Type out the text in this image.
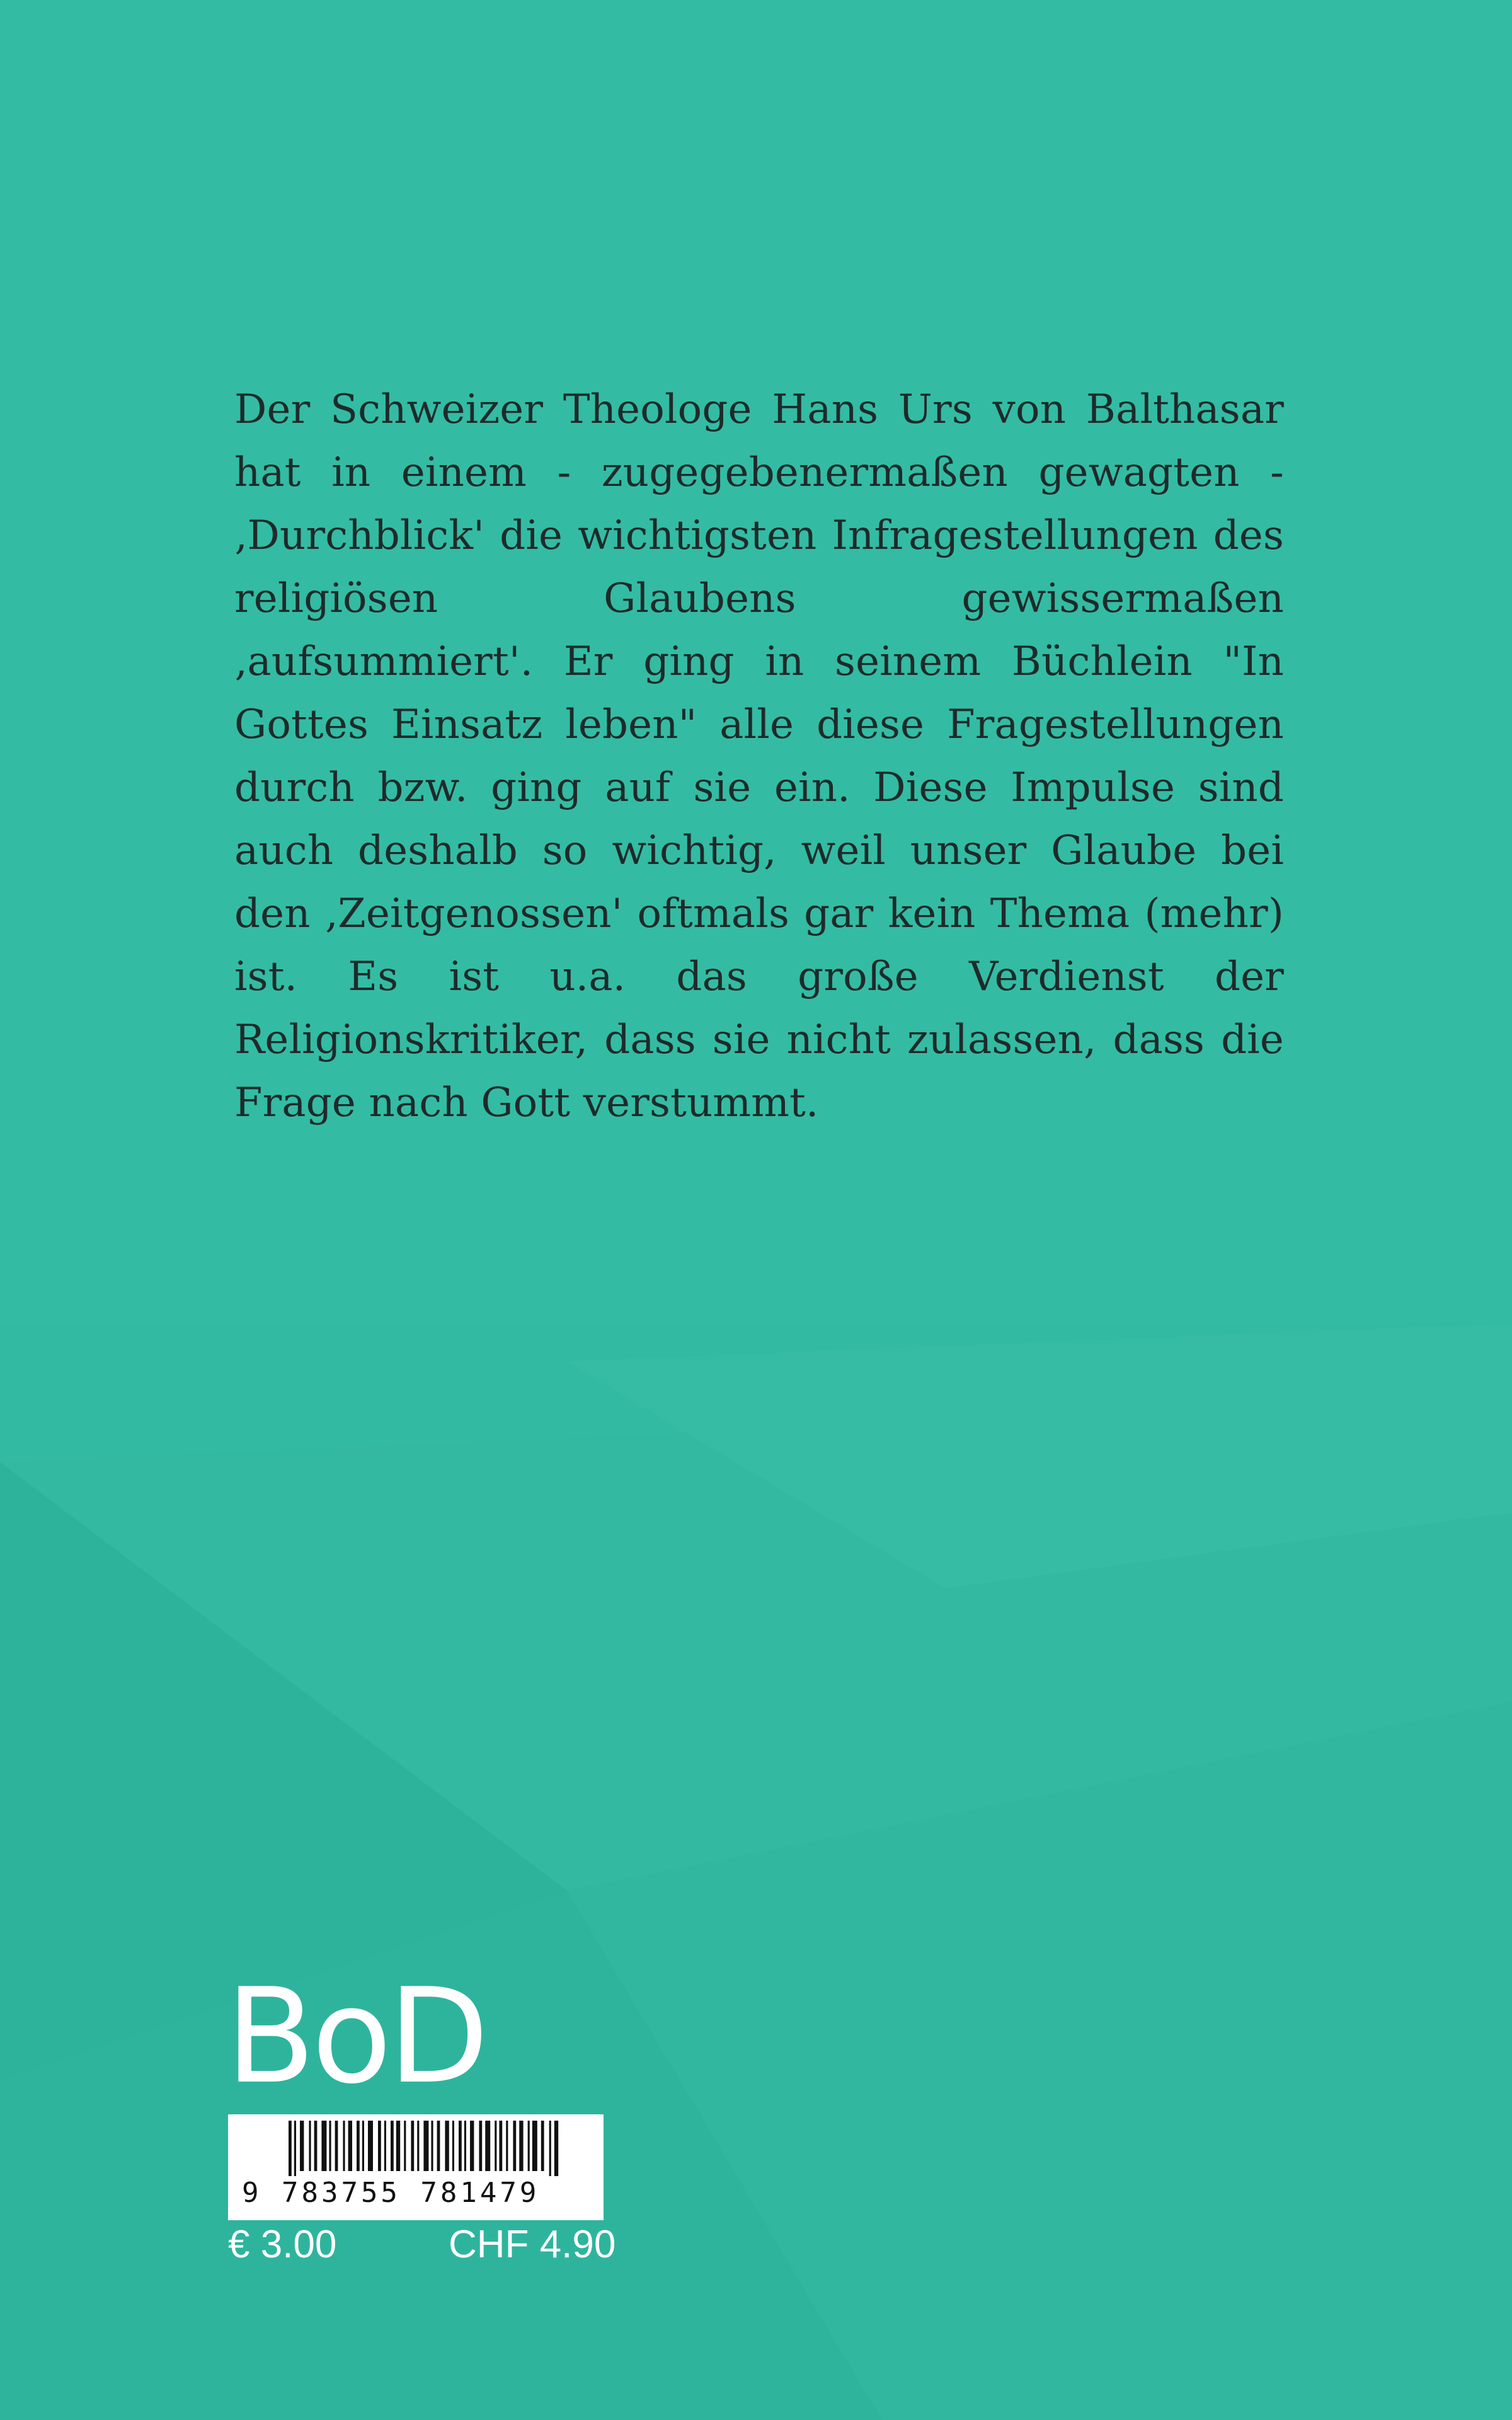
Der Schweizer Theologe Hans Urs von Balthasar hat in einem - zugegebenermaßen gewagten - ‚Durchblick' die wichtigsten Infragestellungen des religiösen Glaubens gewissermaßen ‚aufsummiert'. Er ging in seinem Büchlein "In Gottes Einsatz leben" alle diese Fragestellungen durch bzw. ging auf sie ein. Diese Impulse sind auch deshalb so wichtig, weil unser Glaube bei den ‚Zeitgenossen' oftmals gar kein Thema (mehr) ist. Es ist u.a. das große Verdienst der Religionskritiker, dass sie nicht zulassen, dass die Frage nach Gott verstummt.

BoD
9 783755 781479
€ 3.00	CHF 4.90
